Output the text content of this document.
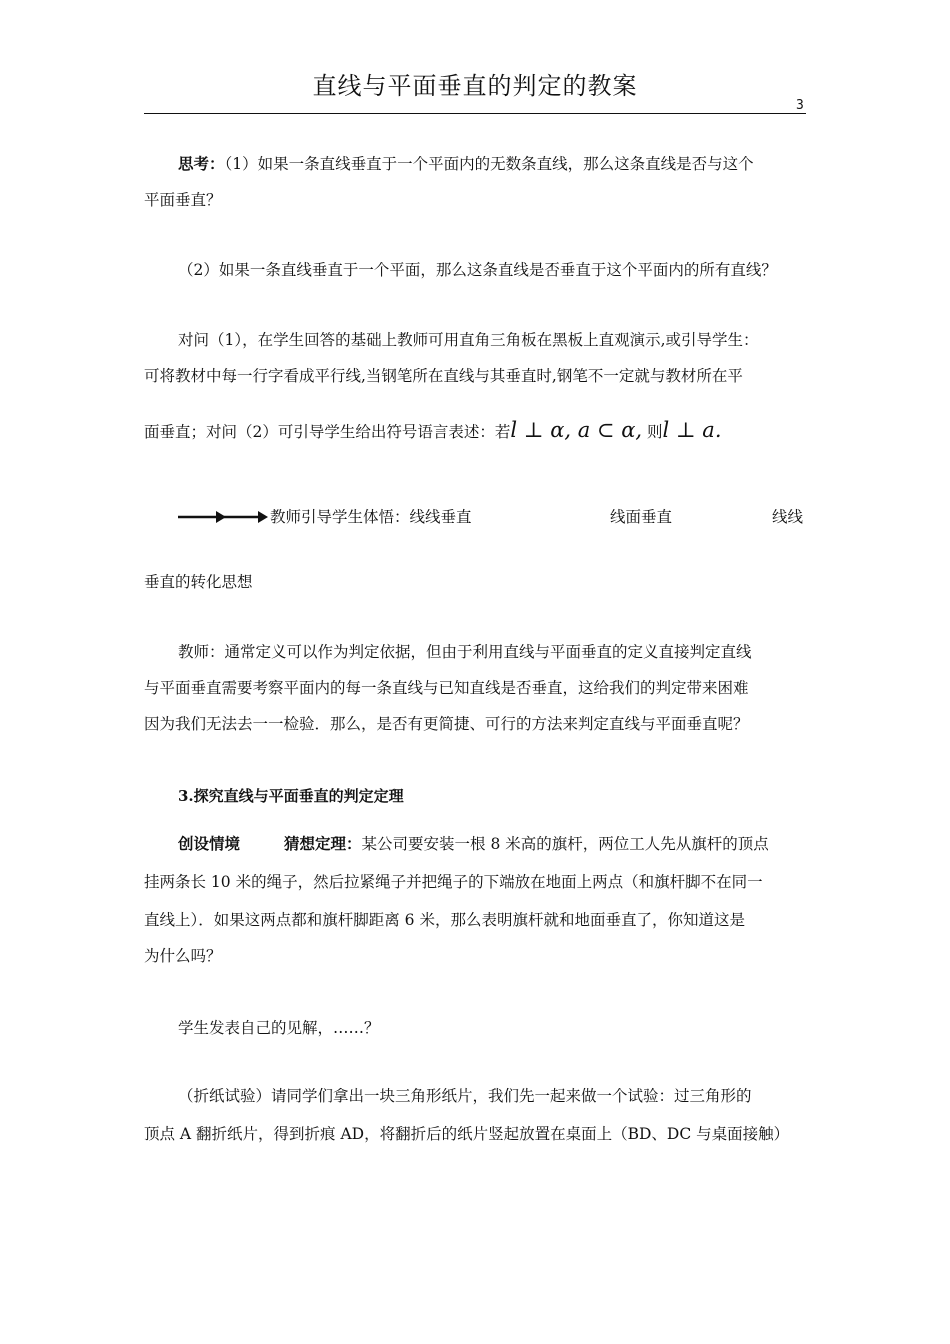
直线与平面垂直的判定的教案
3
思考：（1）如果一条直线垂直于一个平面内的无数条直线，那么这条直线是否与这个
平面垂直？
（2）如果一条直线垂直于一个平面，那么这条直线是否垂直于这个平面内的所有直线？
对问（1），在学生回答的基础上教师可用直角三角板在黑板上直观演示,或引导学生：
可将教材中每一行字看成平行线,当钢笔所在直线与其垂直时,钢笔不一定就与教材所在平
面垂直；对问（2）可引导学生给出符号语言表述：若l ⊥ α, a ⊂ α, 则l ⊥ a.
教师引导学生体悟：线线垂直	线面垂直	线线
垂直的转化思想
教师：通常定义可以作为判定依据，但由于利用直线与平面垂直的定义直接判定直线
与平面垂直需要考察平面内的每一条直线与已知直线是否垂直，这给我们的判定带来困难
因为我们无法去一一检验．那么，是否有更简捷、可行的方法来判定直线与平面垂直呢？
3.探究直线与平面垂直的判定定理
创设情境	猜想定理：某公司要安装一根 8 米高的旗杆，两位工人先从旗杆的顶点
挂两条长 10 米的绳子，然后拉紧绳子并把绳子的下端放在地面上两点（和旗杆脚不在同一
直线上）．如果这两点都和旗杆脚距离 6 米，那么表明旗杆就和地面垂直了，你知道这是
为什么吗？
学生发表自己的见解，……？
（折纸试验）请同学们拿出一块三角形纸片，我们先一起来做一个试验：过三角形的
顶点 A 翻折纸片，得到折痕 AD，将翻折后的纸片竖起放置在桌面上（BD、DC 与桌面接触）
